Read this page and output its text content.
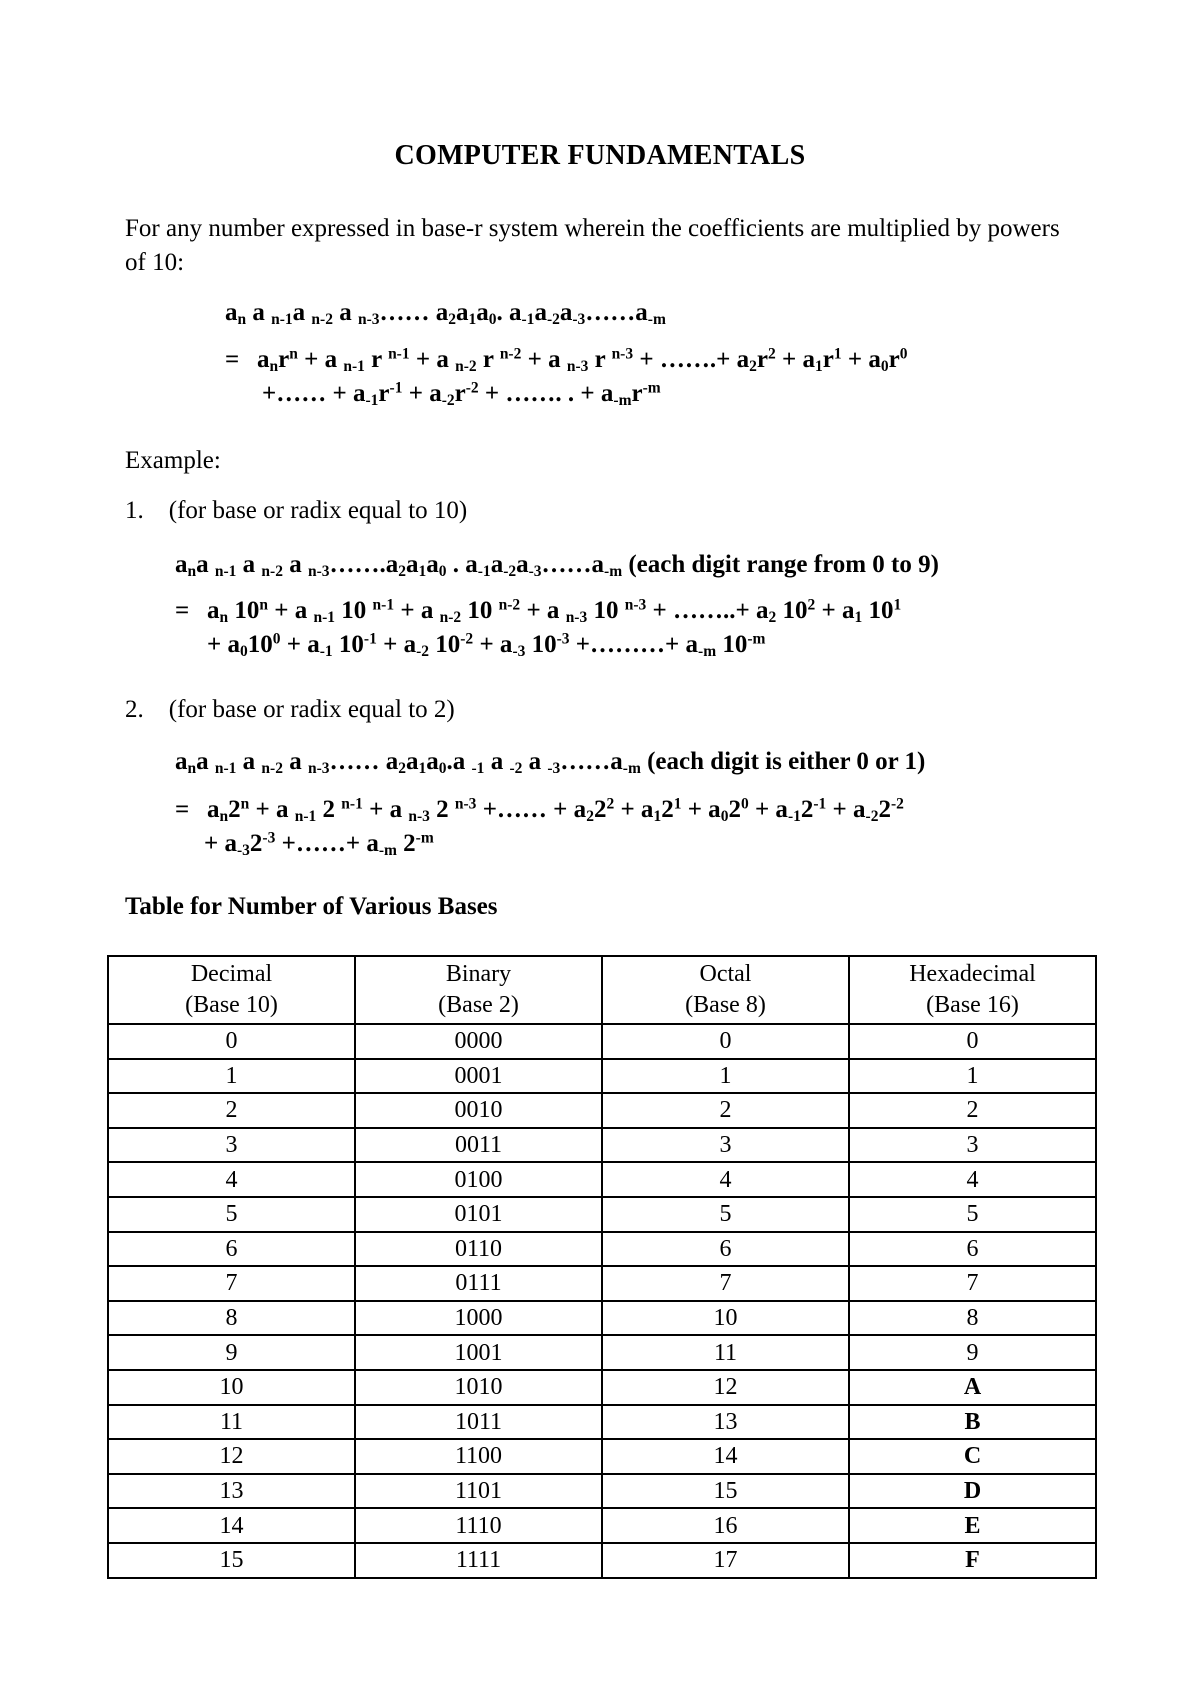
COMPUTER FUNDAMENTALS
For any number expressed in base-r system wherein the coefficients are multiplied by powers of 10:
$a_n$ a $_{n-1}$a $_{n-2}$ a $_{n-3}$…… $a_2a_1a_0$. $a_{-1}a_{-2}a_{-3}\dots\dots a_{-m}$
= $a_nr^n + a$ $_{n-1}$ r $^{n-1}$ + a $_{n-2}$ r $^{n-2}$ + a $_{n-3}$ r $^{n-3}$ + …….+ $a_2r^2 + a_1r^1 + a_0r^0$
+…… + $a_{-1}r^{-1} + a_{-2}r^{-2}$ + ……. . + $a_{-m}r^{-m}$
Example:
1.    (for base or radix equal to 10)
$a_na$ $_{n-1}$ a $_{n-2}$ a $_{n-3}\dots\dots.a_2a_1a_0$ . $a_{-1}a_{-2}a_{-3}\dots\dots a_{-m}$ (each digit range from 0 to 9)
= $a_n$ $10^n + a$ $_{n-1}$ 10 $^{n-1}$ + a $_{n-2}$ 10 $^{n-2}$ + a $_{n-3}$ 10 $^{n-3}$ + ……..+ $a_2$ $10^2 + a_1$ $10^1$
+ $a_010^0 + a_{-1}$ $10^{-1} + a_{-2}$ $10^{-2} + a_{-3}$ $10^{-3}$ +………+ $a_{-m}$ $10^{-m}$
2.    (for base or radix equal to 2)
$a_na$ $_{n-1}$ a $_{n-2}$ a $_{n-3}$…… $a_2a_1a_0.a$ $_{-1}$ a $_{-2}$ a $_{-3}\dots\dots a_{-m}$ (each digit is either 0 or 1)
= $a_n2^n + a$ $_{n-1}$ 2 $^{n-1}$ + a $_{n-3}$ 2 $^{n-3}$ +…… + $a_22^2 + a_12^1 + a_02^0 + a_{-1}2^{-1} + a_{-2}2^{-2}$
+ $a_{-3}2^{-3}$ +……+ $a_{-m}$ $2^{-m}$
Table for Number of Various Bases
Decimal
(Base 10)	Binary
(Base 2)	Octal
(Base 8)	Hexadecimal
(Base 16)
0	0000	0	0
1	0001	1	1
2	0010	2	2
3	0011	3	3
4	0100	4	4
5	0101	5	5
6	0110	6	6
7	0111	7	7
8	1000	10	8
9	1001	11	9
10	1010	12	A
11	1011	13	B
12	1100	14	C
13	1101	15	D
14	1110	16	E
15	1111	17	F
